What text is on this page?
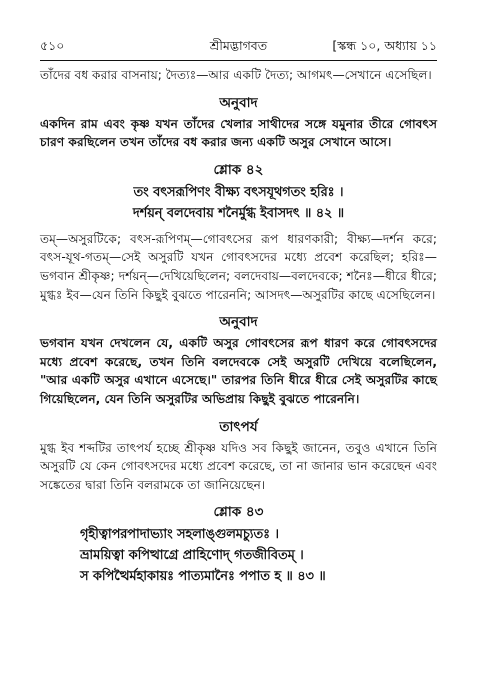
৫১০	শ্রীমদ্ভাগবত	[স্কন্ধ ১০, অধ্যায় ১১

তাঁদের বধ করার বাসনায়; দৈত্যঃ—আর একটি দৈত্য; আগমৎ—সেখানে এসেছিল।

অনুবাদ

একদিন রাম এবং কৃষ্ণ যখন তাঁদের খেলার সাথীদের সঙ্গে যমুনার তীরে গোবৎস চারণ করছিলেন তখন তাঁদের বধ করার জন্য একটি অসুর সেখানে আসে।

শ্লোক ৪২
তং বৎসরূপিণং বীক্ষ্য বৎসযূথগতং হরিঃ ।
দর্শয়ন্ বলদেবায় শনৈর্মুগ্ধ ইবাসদৎ ॥ ৪২ ॥

তম্—অসুরটিকে; বৎস-রূপিণম্—গোবৎসের রূপ ধারণকারী; বীক্ষ্য—দর্শন করে; বৎস-যূথ-গতম্—সেই অসুরটি যখন গোবৎসদের মধ্যে প্রবেশ করেছিল; হরিঃ—ভগবান শ্রীকৃষ্ণ; দর্শয়ন্—দেখিয়েছিলেন; বলদেবায়—বলদেবকে; শনৈঃ—ধীরে ধীরে; মুগ্ধঃ ইব—যেন তিনি কিছুই বুঝতে পারেননি; আসদৎ—অসুরটির কাছে এসেছিলেন।

অনুবাদ

ভগবান যখন দেখলেন যে, একটি অসুর গোবৎসের রূপ ধারণ করে গোবৎসদের মধ্যে প্রবেশ করেছে, তখন তিনি বলদেবকে সেই অসুরটি দেখিয়ে বলেছিলেন, "আর একটি অসুর এখানে এসেছে।" তারপর তিনি ধীরে ধীরে সেই অসুরটির কাছে গিয়েছিলেন, যেন তিনি অসুরটির অভিপ্রায় কিছুই বুঝতে পারেননি।

তাৎপর্য

মুগ্ধ ইব শব্দটির তাৎপর্য হচ্ছে শ্রীকৃষ্ণ যদিও সব কিছুই জানেন, তবুও এখানে তিনি অসুরটি যে কেন গোবৎসদের মধ্যে প্রবেশ করেছে, তা না জানার ভান করেছেন এবং সঙ্কেতের দ্বারা তিনি বলরামকে তা জানিয়েছেন।

শ্লোক ৪৩
গৃহীত্বাপরপাদাভ্যাং সহলাঙ্গুলমচ্যুতঃ ।
ভ্রাময়িত্বা কপিত্থাগ্রে প্রাহিণোদ্ গতজীবিতম্ ।
স কপিত্থৈর্মহাকায়ঃ পাত্যমানৈঃ পপাত হ ॥ ৪৩ ॥
